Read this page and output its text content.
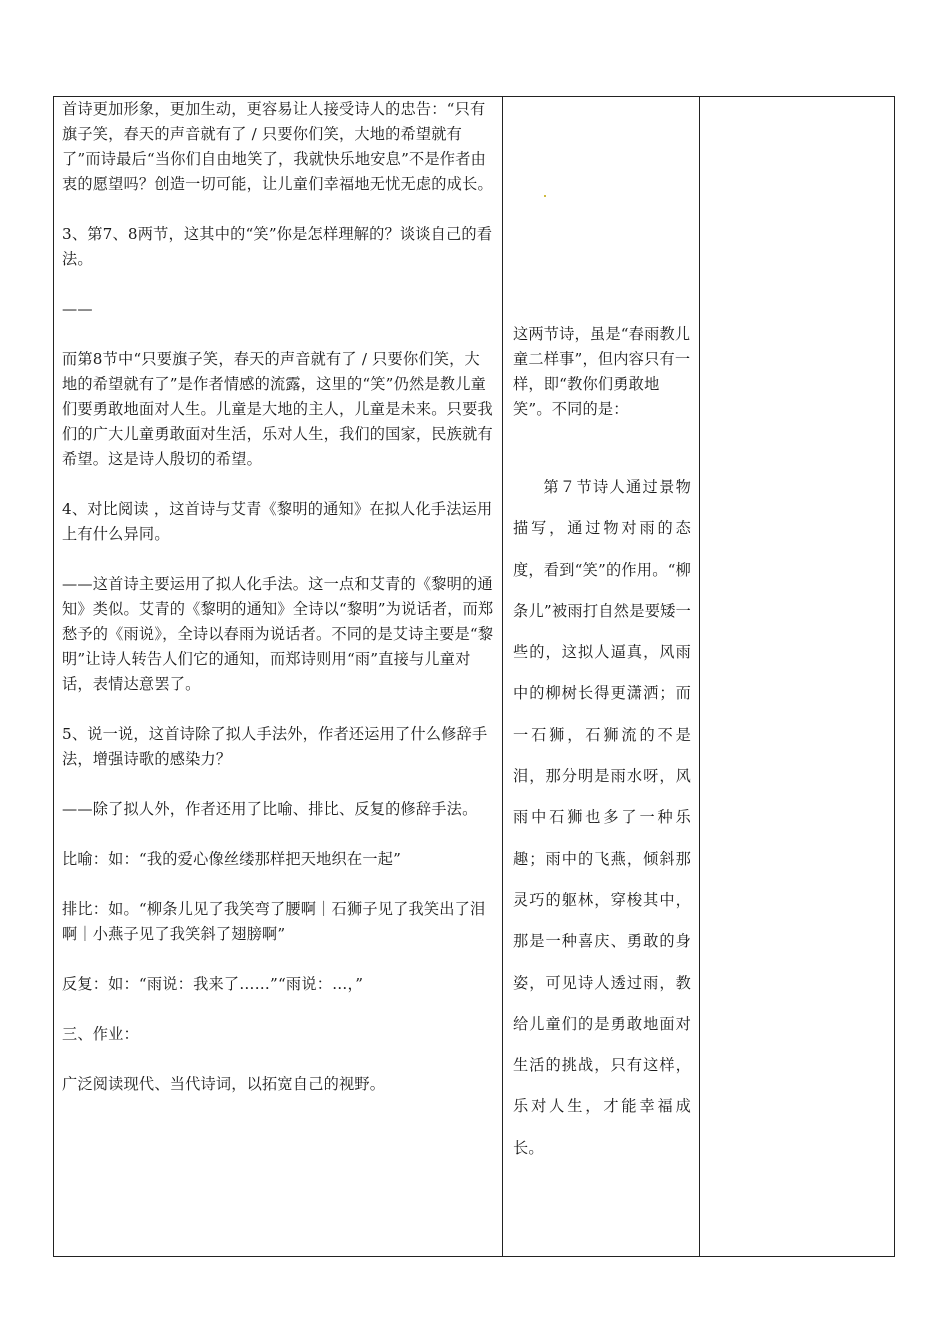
首诗更加形象，更加生动，更容易让人接受诗人的忠告：“只有旗子笑，春天的声音就有了 / 只要你们笑，大地的希望就有了”而诗最后“当你们自由地笑了，我就快乐地安息”不是作者由衷的愿望吗？创造一切可能，让儿童们幸福地无忧无虑的成长。

3、第7、8两节，这其中的“笑”你是怎样理解的？谈谈自己的看法。

——

而第8节中“只要旗子笑，春天的声音就有了 / 只要你们笑，大地的希望就有了”是作者情感的流露，这里的“笑”仍然是教儿童们要勇敢地面对人生。儿童是大地的主人，儿童是未来。只要我们的广大儿童勇敢面对生活，乐对人生，我们的国家，民族就有希望。这是诗人殷切的希望。

4、对比阅读 ，这首诗与艾青《黎明的通知》在拟人化手法运用上有什么异同。

——这首诗主要运用了拟人化手法。这一点和艾青的《黎明的通知》类似。艾青的《黎明的通知》全诗以“黎明”为说话者，而郑愁予的《雨说》，全诗以春雨为说话者。不同的是艾诗主要是“黎明”让诗人转告人们它的通知，而郑诗则用“雨”直接与儿童对话，表情达意罢了。

5、说一说，这首诗除了拟人手法外，作者还运用了什么修辞手法，增强诗歌的感染力？

——除了拟人外，作者还用了比喻、排比、反复的修辞手法。

比喻：如：“我的爱心像丝缕那样把天地织在一起”

排比：如。“柳条儿见了我笑弯了腰啊｜石狮子见了我笑出了泪啊｜小燕子见了我笑斜了翅膀啊”

反复：如：“雨说：我来了……”“雨说：…，”

三、作业：

广泛阅读现代、当代诗词，以拓宽自己的视野。

这两节诗，虽是“春雨教儿童二样事”，但内容只有一样，即“教你们勇敢地笑”。不同的是：
第７节诗人通过景物描写，通过物对雨的态度，看到“笑”的作用。“柳条儿”被雨打自然是要矮一些的，这拟人逼真，风雨中的柳树长得更潇洒；而一石狮，石狮流的不是泪，那分明是雨水呀，风雨中石狮也多了一种乐趣；雨中的飞燕，倾斜那灵巧的躯林，穿梭其中，那是一种喜庆、勇敢的身姿，可见诗人透过雨，教给儿童们的是勇敢地面对生活的挑战，只有这样，乐对人生，才能幸福成长。
